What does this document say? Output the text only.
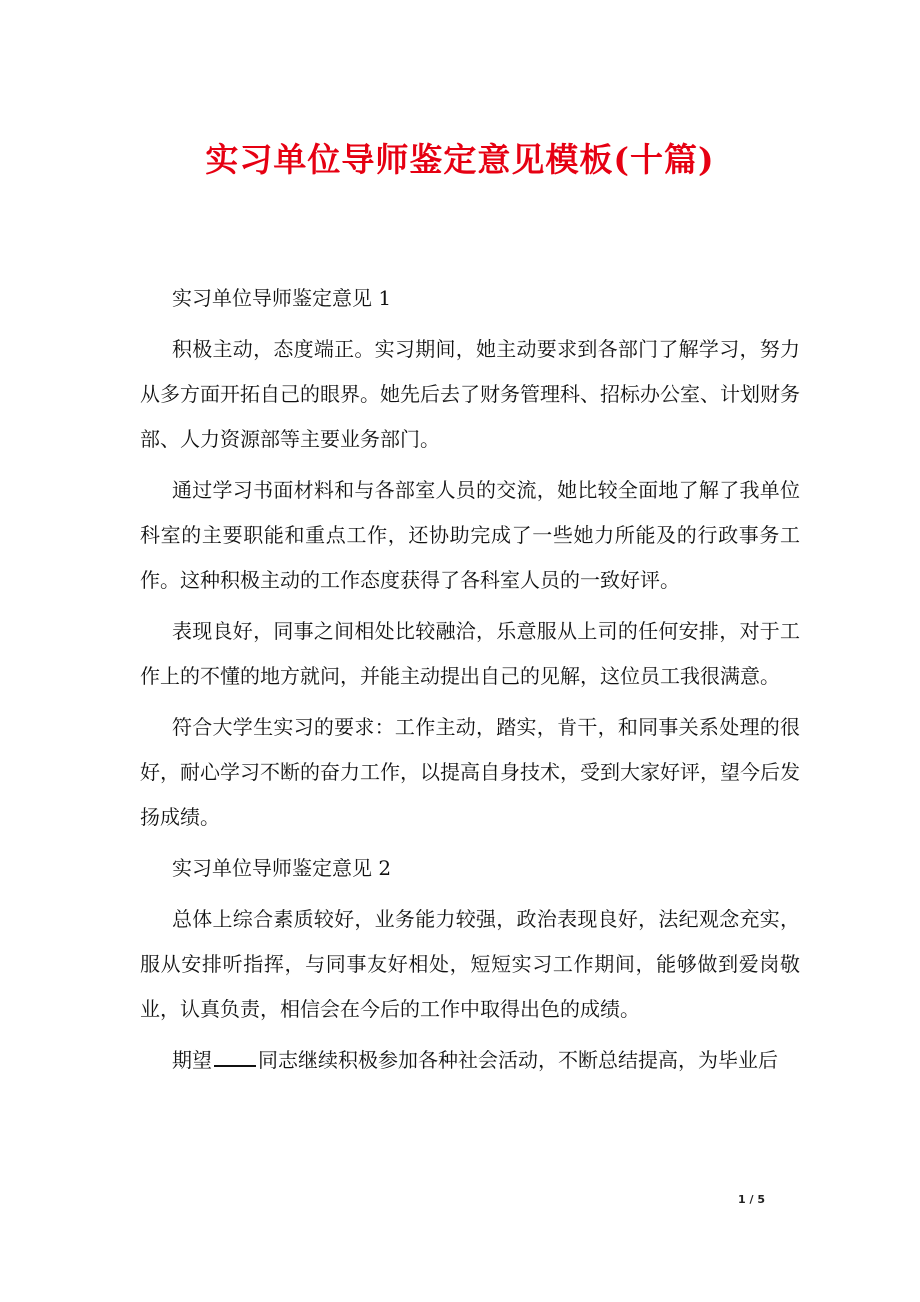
实习单位导师鉴定意见模板(十篇)

实习单位导师鉴定意见 1

积极主动，态度端正。实习期间，她主动要求到各部门了解学习，努力从多方面开拓自己的眼界。她先后去了财务管理科、招标办公室、计划财务部、人力资源部等主要业务部门。

通过学习书面材料和与各部室人员的交流，她比较全面地了解了我单位科室的主要职能和重点工作，还协助完成了一些她力所能及的行政事务工作。这种积极主动的工作态度获得了各科室人员的一致好评。

表现良好，同事之间相处比较融洽，乐意服从上司的任何安排，对于工作上的不懂的地方就问，并能主动提出自己的见解，这位员工我很满意。

符合大学生实习的要求：工作主动，踏实，肯干，和同事关系处理的很好，耐心学习不断的奋力工作，以提高自身技术，受到大家好评，望今后发扬成绩。

实习单位导师鉴定意见 2

总体上综合素质较好，业务能力较强，政治表现良好，法纪观念充实，服从安排听指挥，与同事友好相处，短短实习工作期间，能够做到爱岗敬业，认真负责，相信会在今后的工作中取得出色的成绩。

期望 同志继续积极参加各种社会活动，不断总结提高，为毕业后

1 / 5
